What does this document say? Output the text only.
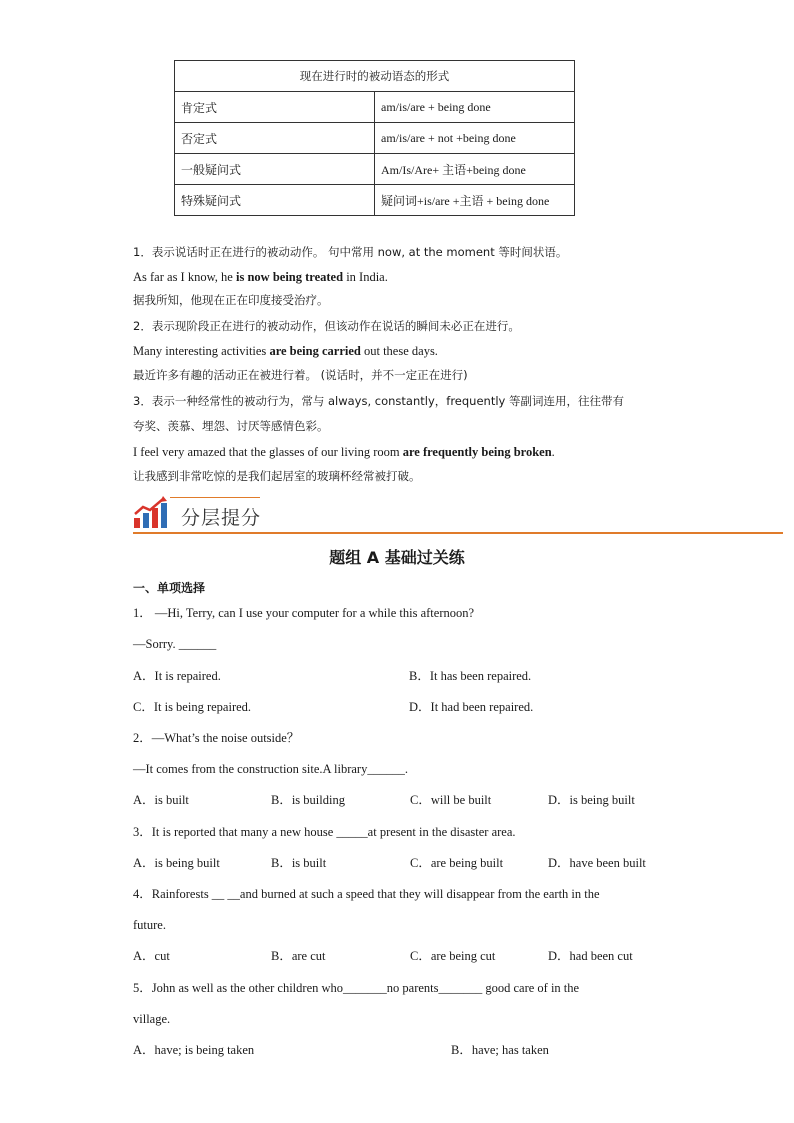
现在进行时的被动语态的形式	
肯定式	am/is/are + being done
否定式	am/is/are + not +being done
一般疑问式	Am/Is/Are+ 主语+being done
特殊疑问式	疑问词+is/are +主语 + being done
1．表示说话时正在进行的被动动作。 句中常用 now, at the moment 等时间状语。
As far as I know, he is now being treated in India.
据我所知，他现在正在印度接受治疗。
2．表示现阶段正在进行的被动动作，但该动作在说话的瞬间未必正在进行。
Many interesting activities are being carried out these days.
最近许多有趣的活动正在被进行着。 (说话时，并不一定正在进行)
3．表示一种经常性的被动行为，常与 always, constantly，frequently 等副词连用，往往带有
夸奖、羡慕、埋怨、讨厌等感情色彩。
I feel very amazed that the glasses of our living room are frequently being broken.
让我感到非常吃惊的是我们起居室的玻璃杯经常被打破。
分层提分
题组 A 基础过关练
一、单项选择
1． —Hi, Terry, can I use your computer for a while this afternoon?
—Sorry. ______
A．It is repaired.	B．It has been repaired.
C．It is being repaired.	D．It had been repaired.
2．—What’s the noise outside？
—It comes from the construction site.A library______.
A．is built	B．is building	C．will be built	D．is being built
3．It is reported that many a new house _____at present in the disaster area.
A．is being built	B．is built	C．are being built	D．have been built
4．Rainforests __ __and burned at such a speed that they will disappear from the earth in the
future.
A．cut	B．are cut	C．are being cut	D．had been cut
5．John as well as the other children who_______no parents_______ good care of in the
village.
A．have; is being taken	B．have; has taken
